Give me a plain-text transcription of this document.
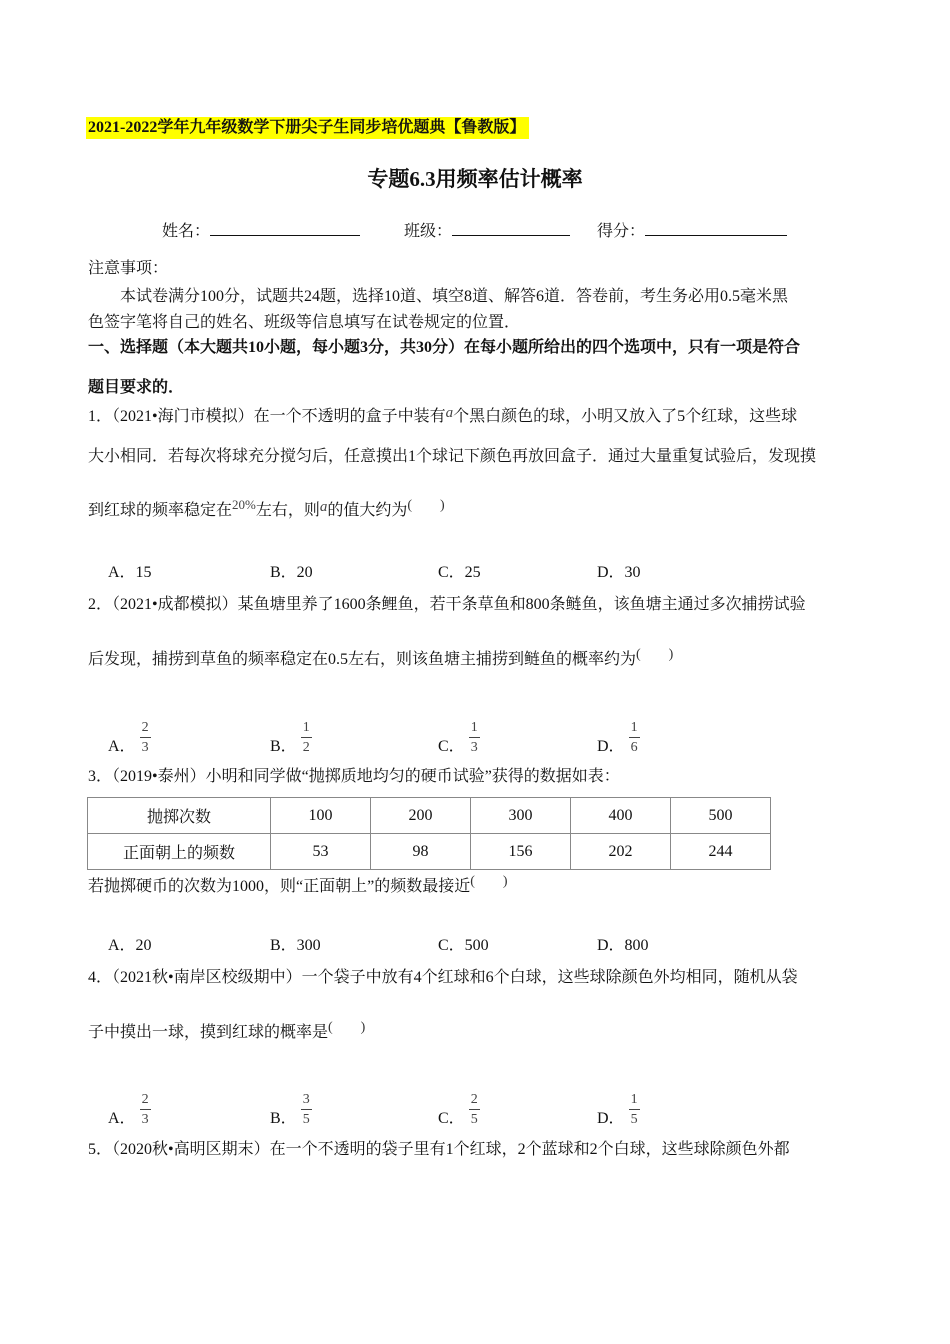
2021-2022学年九年级数学下册尖子生同步培优题典【鲁教版】
专题6.3用频率估计概率
姓名：	班级：	得分：
注意事项：
本试卷满分100分，试题共24题，选择10道、填空8道、解答6道．答卷前，考生务必用0.5毫米黑
色签字笔将自己的姓名、班级等信息填写在试卷规定的位置．
一、选择题（本大题共10小题，每小题3分，共30分）在每小题所给出的四个选项中，只有一项是符合
题目要求的．
1．（2021•海门市模拟）在一个不透明的盒子中装有a个黑白颜色的球，小明又放入了5个红球，这些球
大小相同．若每次将球充分搅匀后，任意摸出1个球记下颜色再放回盒子．通过大量重复试验后，发现摸
到红球的频率稳定在$^{20\%}$左右，则a的值大约为(　　)
A．15	B．20	C．25	D．30
2．（2021•成都模拟）某鱼塘里养了1600条鲤鱼，若干条草鱼和800条鲢鱼，该鱼塘主通过多次捕捞试验
后发现，捕捞到草鱼的频率稳定在0.5左右，则该鱼塘主捕捞到鲢鱼的概率约为(　　)
A． $\frac{2}{3}$	B． $\frac{1}{2}$	C． $\frac{1}{3}$	D． $\frac{1}{6}$
3．（2019•泰州）小明和同学做“抛掷质地均匀的硬币试验”获得的数据如表：
抛掷次数	100	200	300	400	500
正面朝上的频数	53	98	156	202	244
若抛掷硬币的次数为1000，则“正面朝上”的频数最接近(　　)
A．20	B．300	C．500	D．800
4．（2021秋•南岸区校级期中）一个袋子中放有4个红球和6个白球，这些球除颜色外均相同，随机从袋
子中摸出一球，摸到红球的概率是(　　)
A． $\frac{2}{3}$	B． $\frac{3}{5}$	C． $\frac{2}{5}$	D． $\frac{1}{5}$
5．（2020秋•高明区期末）在一个不透明的袋子里有1个红球，2个蓝球和2个白球，这些球除颜色外都
